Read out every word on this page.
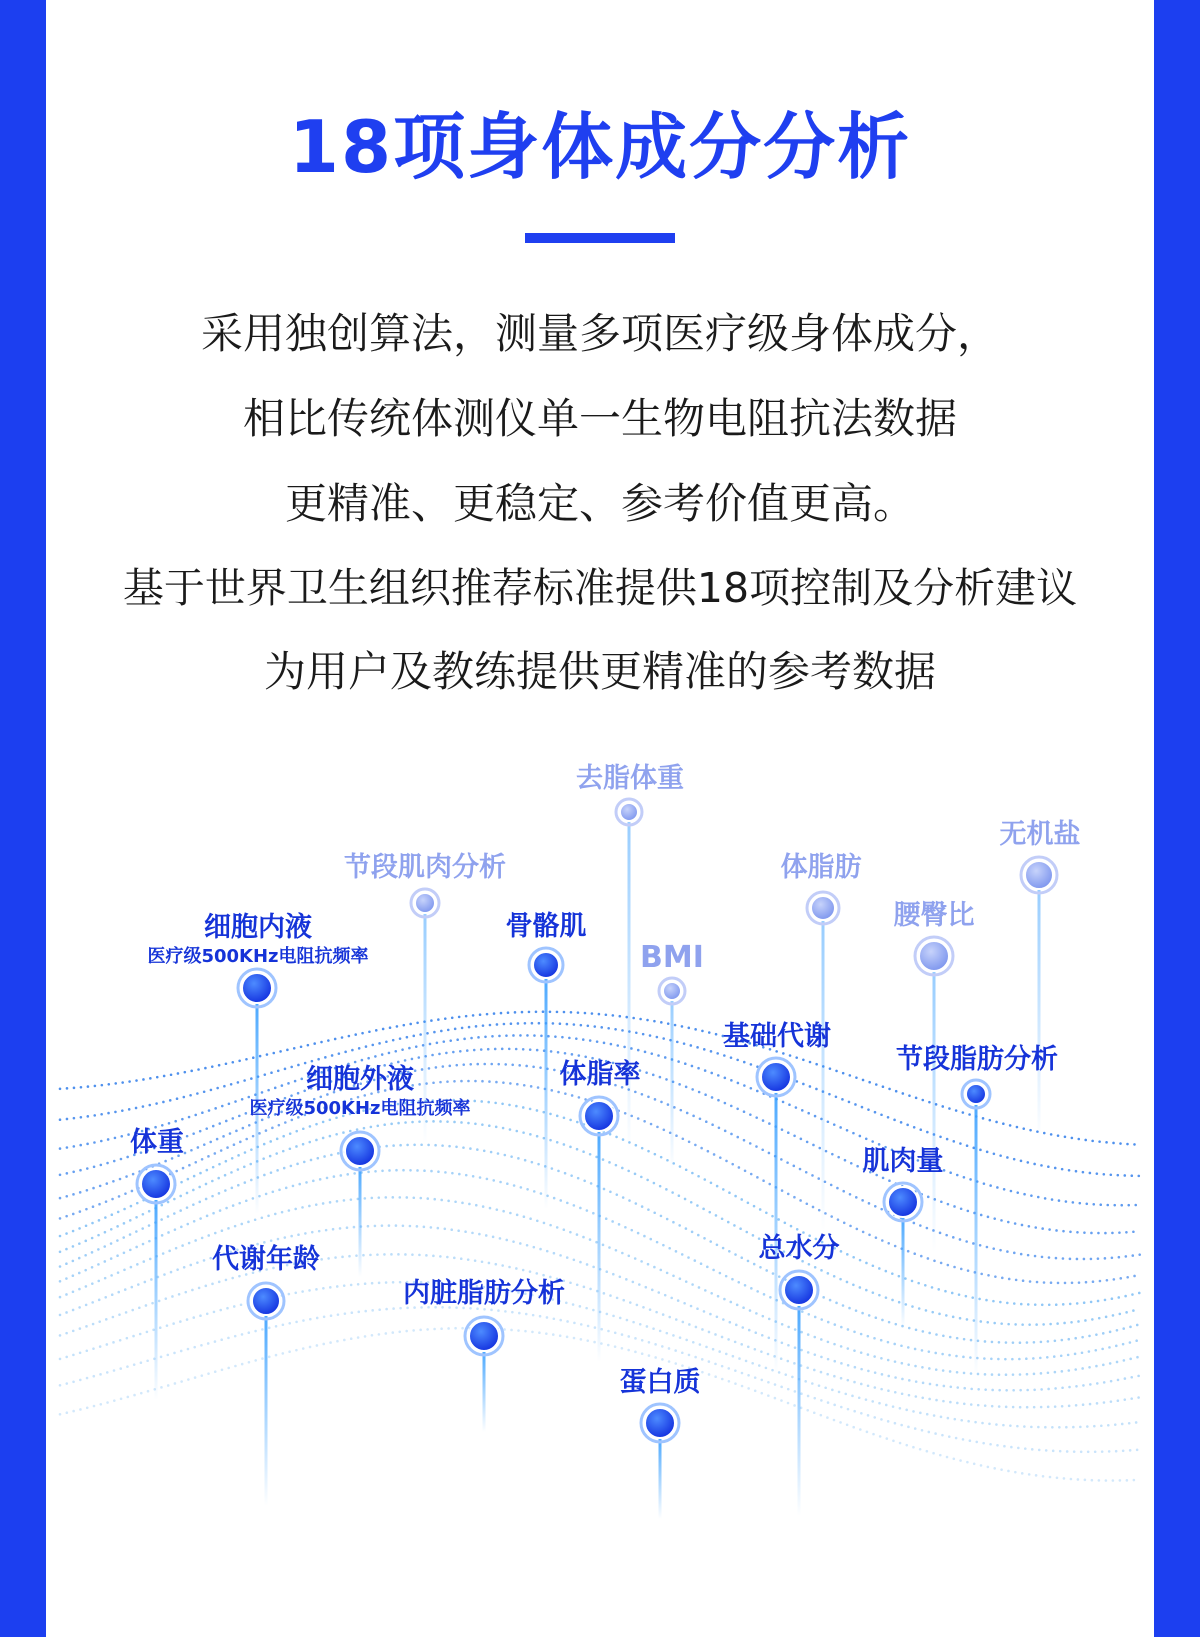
18项身体成分分析

采用独创算法，测量多项医疗级身体成分，

相比传统体测仪单一生物电阻抗法数据

更精准、更稳定、参考价值更高。

基于世界卫生组织推荐标准提供18项控制及分析建议

为用户及教练提供更精准的参考数据

去脂体重
无机盐
节段肌肉分析	体脂肪
腰臀比
细胞内液
医疗级500KHz电阻抗频率
骨骼肌
BMI
基础代谢
节段脂肪分析
细胞外液
医疗级500KHz电阻抗频率
体脂率
体重
肌肉量
代谢年龄	总水分
内脏脂肪分析
蛋白质
